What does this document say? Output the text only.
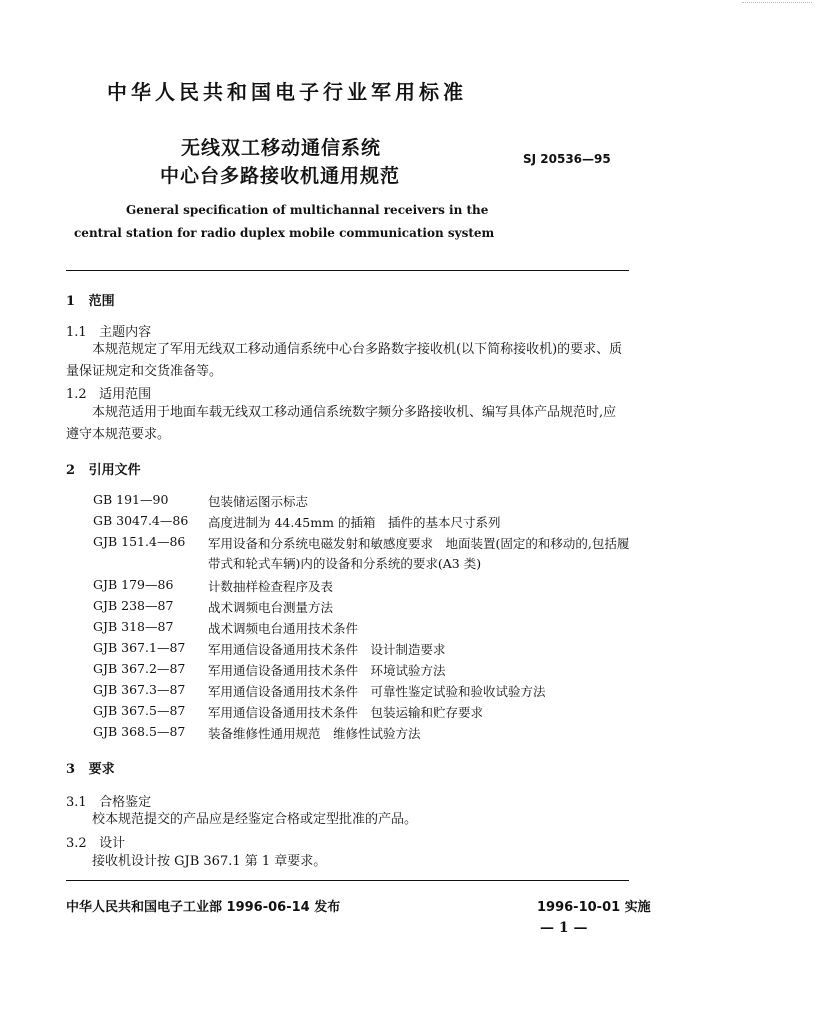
中华人民共和国电子行业军用标准
无线双工移动通信系统
中心台多路接收机通用规范
SJ 20536—95
General specification of multichannal receivers in the
central station for radio duplex mobile communication system
1 范围
1.1 主题内容
本规范规定了军用无线双工移动通信系统中心台多路数字接收机(以下简称接收机)的要求、质量保证规定和交货准备等。
1.2 适用范围
本规范适用于地面车载无线双工移动通信系统数字频分多路接收机、编写具体产品规范时,应遵守本规范要求。
2 引用文件
GB 191—90	包装储运图示标志
GB 3047.4—86	高度进制为 44.45mm 的插箱　插件的基本尺寸系列
GJB 151.4—86	军用设备和分系统电磁发射和敏感度要求　地面装置(固定的和移动的,包括履带式和轮式车辆)内的设备和分系统的要求(A3 类)
GJB 179—86	计数抽样检查程序及表
GJB 238—87	战术调频电台测量方法
GJB 318—87	战术调频电台通用技术条件
GJB 367.1—87	军用通信设备通用技术条件　设计制造要求
GJB 367.2—87	军用通信设备通用技术条件　环境试验方法
GJB 367.3—87	军用通信设备通用技术条件　可靠性鉴定试验和验收试验方法
GJB 367.5—87	军用通信设备通用技术条件　包装运输和贮存要求
GJB 368.5—87	装备维修性通用规范　维修性试验方法
3 要求
3.1 合格鉴定
校本规范提交的产品应是经鉴定合格或定型批准的产品。
3.2 设计
接收机设计按 GJB 367.1 第 1 章要求。
中华人民共和国电子工业部 1996-06-14 发布	1996-10-01 实施
— 1 —
